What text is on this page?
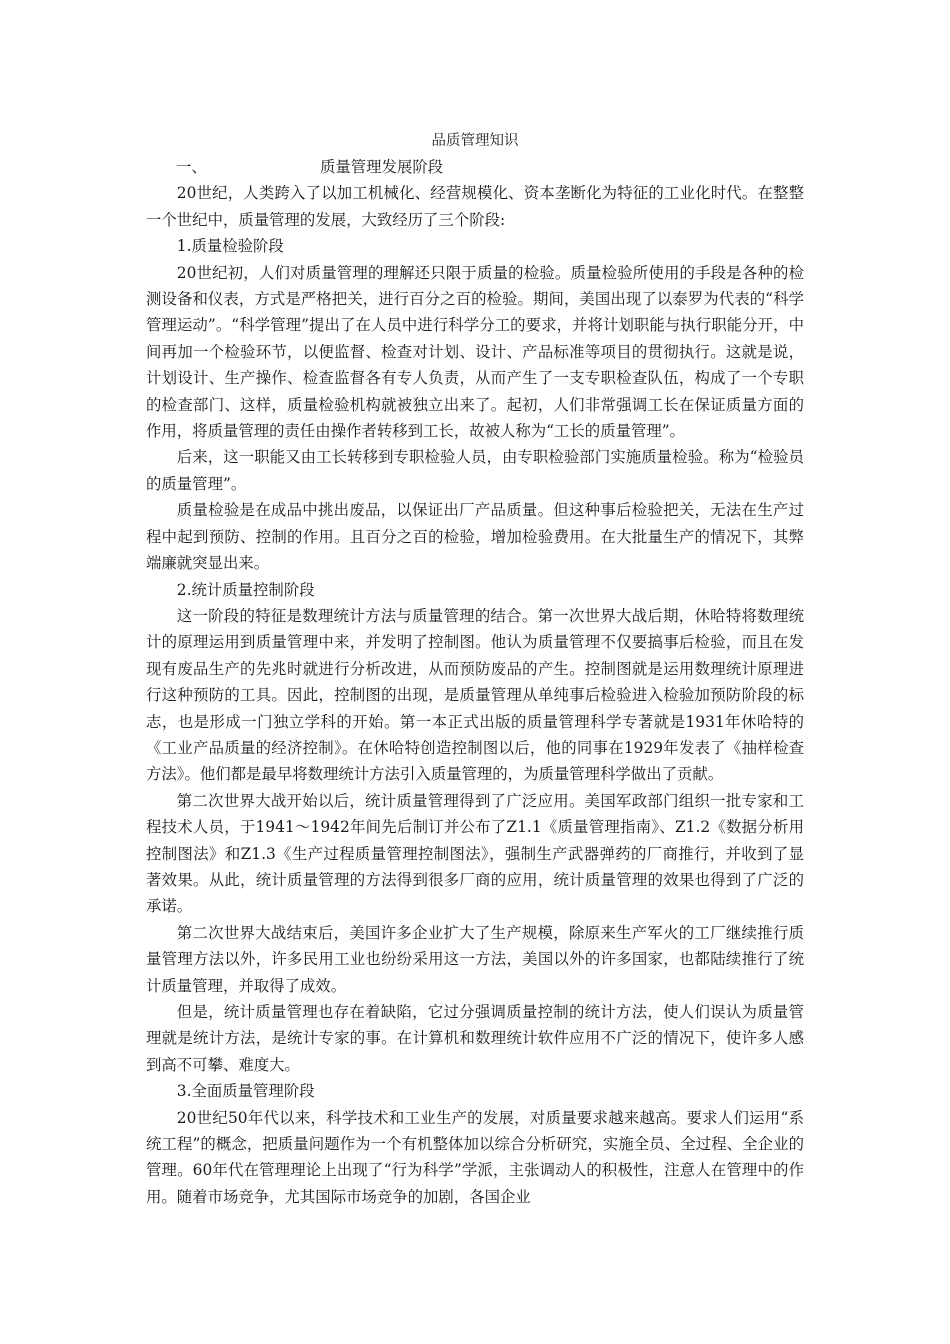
品质管理知识
一、	质量管理发展阶段

20世纪，人类跨入了以加工机械化、经营规模化、资本垄断化为特征的工业化时代。在整整一个世纪中，质量管理的发展，大致经历了三个阶段:

1.质量检验阶段

20世纪初，人们对质量管理的理解还只限于质量的检验。质量检验所使用的手段是各种的检测设备和仪表，方式是严格把关，进行百分之百的检验。期间，美国出现了以泰罗为代表的“科学管理运动”。“科学管理”提出了在人员中进行科学分工的要求，并将计划职能与执行职能分开，中间再加一个检验环节，以便监督、检查对计划、设计、产品标准等项目的贯彻执行。这就是说，计划设计、生产操作、检查监督各有专人负责，从而产生了一支专职检查队伍，构成了一个专职的检查部门、这样，质量检验机构就被独立出来了。起初，人们非常强调工长在保证质量方面的作用，将质量管理的责任由操作者转移到工长，故被人称为“工长的质量管理”。

后来，这一职能又由工长转移到专职检验人员，由专职检验部门实施质量检验。称为“检验员的质量管理”。

质量检验是在成品中挑出废品，以保证出厂产品质量。但这种事后检验把关，无法在生产过程中起到预防、控制的作用。且百分之百的检验，增加检验费用。在大批量生产的情况下，其弊端廉就突显出来。

2.统计质量控制阶段

这一阶段的特征是数理统计方法与质量管理的结合。第一次世界大战后期，休哈特将数理统计的原理运用到质量管理中来，并发明了控制图。他认为质量管理不仅要搞事后检验，而且在发现有废品生产的先兆时就进行分析改进，从而预防废品的产生。控制图就是运用数理统计原理进行这种预防的工具。因此，控制图的出现，是质量管理从单纯事后检验进入检验加预防阶段的标志，也是形成一门独立学科的开始。第一本正式出版的质量管理科学专著就是1931年休哈特的《工业产品质量的经济控制》。在休哈特创造控制图以后，他的同事在1929年发表了《抽样检查方法》。他们都是最早将数理统计方法引入质量管理的，为质量管理科学做出了贡献。

第二次世界大战开始以后，统计质量管理得到了广泛应用。美国军政部门组织一批专家和工程技术人员，于1941～1942年间先后制订并公布了Z1.1《质量管理指南》、Z1.2《数据分析用控制图法》和Z1.3《生产过程质量管理控制图法》，强制生产武器弹药的厂商推行，并收到了显著效果。从此，统计质量管理的方法得到很多厂商的应用，统计质量管理的效果也得到了广泛的承诺。

第二次世界大战结束后，美国许多企业扩大了生产规模，除原来生产军火的工厂继续推行质量管理方法以外，许多民用工业也纷纷采用这一方法，美国以外的许多国家，也都陆续推行了统计质量管理，并取得了成效。

但是，统计质量管理也存在着缺陷，它过分强调质量控制的统计方法，使人们误认为质量管理就是统计方法，是统计专家的事。在计算机和数理统计软件应用不广泛的情况下，使许多人感到高不可攀、难度大。

3.全面质量管理阶段

20世纪50年代以来，科学技术和工业生产的发展，对质量要求越来越高。要求人们运用“系统工程”的概念，把质量问题作为一个有机整体加以综合分析研究，实施全员、全过程、全企业的管理。60年代在管理理论上出现了“行为科学”学派，主张调动人的积极性，注意人在管理中的作用。随着市场竞争，尤其国际市场竞争的加剧，各国企业
